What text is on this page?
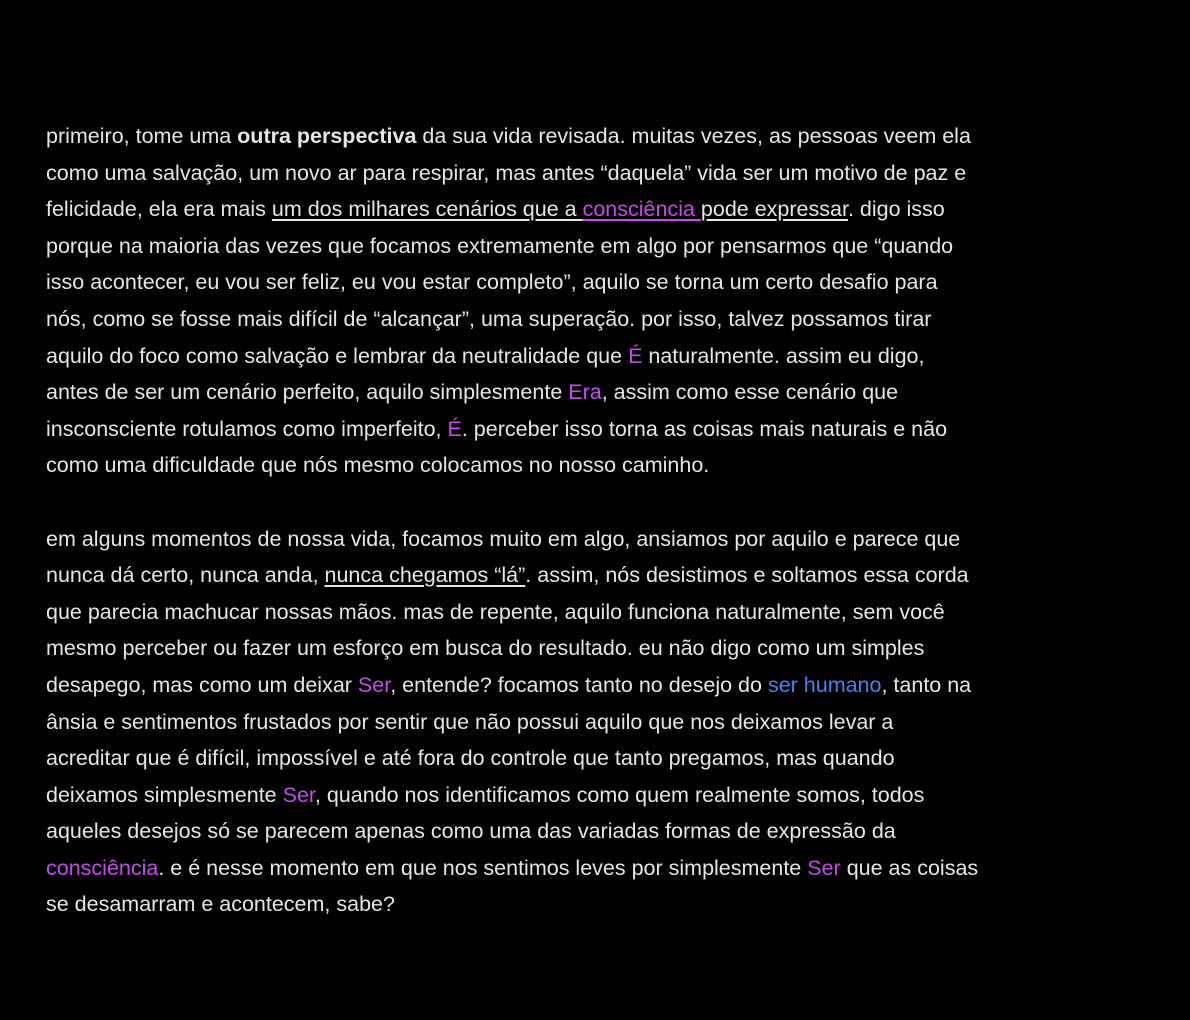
primeiro, tome uma outra perspectiva da sua vida revisada. muitas vezes, as pessoas veem ela
como uma salvação, um novo ar para respirar, mas antes “daquela” vida ser um motivo de paz e
felicidade, ela era mais um dos milhares cenários que a consciência pode expressar. digo isso
porque na maioria das vezes que focamos extremamente em algo por pensarmos que “quando
isso acontecer, eu vou ser feliz, eu vou estar completo”, aquilo se torna um certo desafio para
nós, como se fosse mais difícil de “alcançar”, uma superação. por isso, talvez possamos tirar
aquilo do foco como salvação e lembrar da neutralidade que É naturalmente. assim eu digo,
antes de ser um cenário perfeito, aquilo simplesmente Era, assim como esse cenário que
insconsciente rotulamos como imperfeito, É. perceber isso torna as coisas mais naturais e não
como uma dificuldade que nós mesmo colocamos no nosso caminho.

em alguns momentos de nossa vida, focamos muito em algo, ansiamos por aquilo e parece que
nunca dá certo, nunca anda, nunca chegamos “lá”. assim, nós desistimos e soltamos essa corda
que parecia machucar nossas mãos. mas de repente, aquilo funciona naturalmente, sem você
mesmo perceber ou fazer um esforço em busca do resultado. eu não digo como um simples
desapego, mas como um deixar Ser, entende? focamos tanto no desejo do ser humano, tanto na
ânsia e sentimentos frustados por sentir que não possui aquilo que nos deixamos levar a
acreditar que é difícil, impossível e até fora do controle que tanto pregamos, mas quando
deixamos simplesmente Ser, quando nos identificamos como quem realmente somos, todos
aqueles desejos só se parecem apenas como uma das variadas formas de expressão da
consciência. e é nesse momento em que nos sentimos leves por simplesmente Ser que as coisas
se desamarram e acontecem, sabe?
